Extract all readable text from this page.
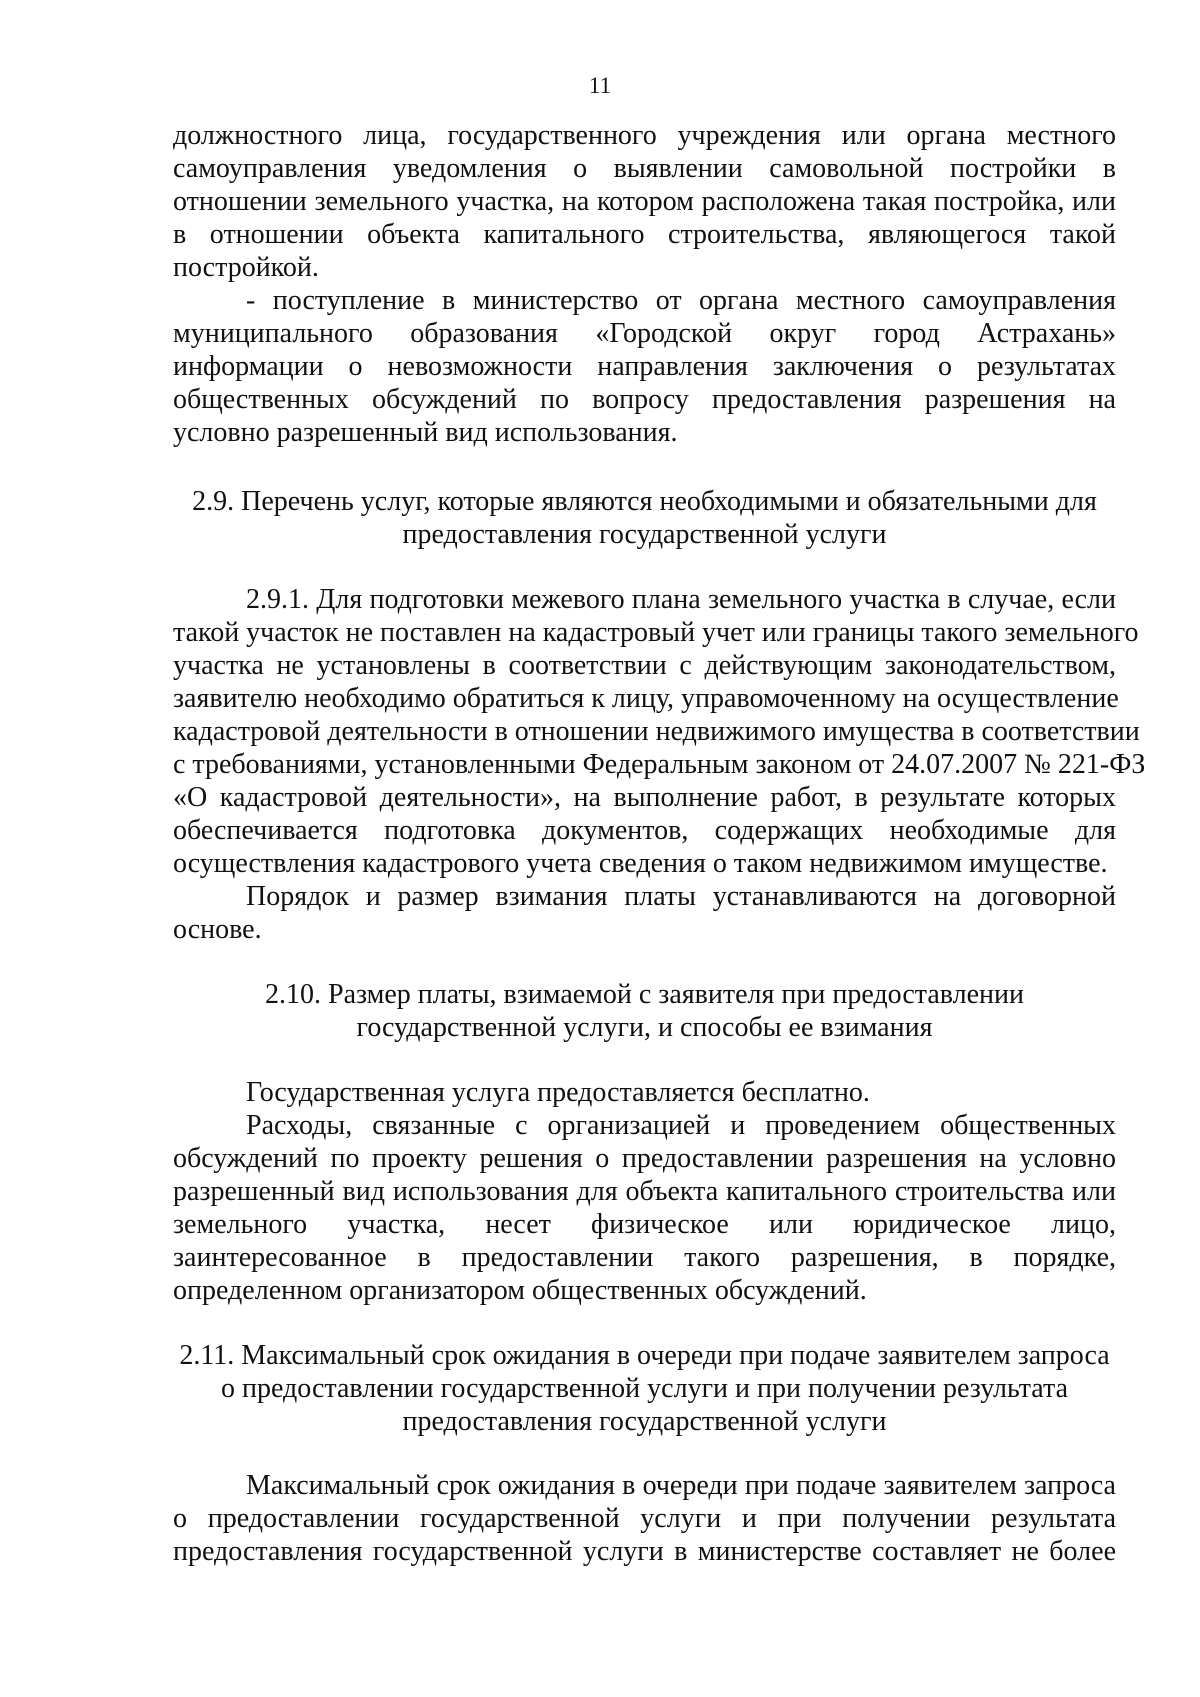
11
должностного лица, государственного учреждения или органа местного
самоуправления уведомления о выявлении самовольной постройки в
отношении земельного участка, на котором расположена такая постройка, или
в отношении объекта капитального строительства, являющегося такой
постройкой.
- поступление в министерство от органа местного самоуправления
муниципального образования «Городской округ город Астрахань»
информации о невозможности направления заключения о результатах
общественных обсуждений по вопросу предоставления разрешения на
условно разрешенный вид использования.
2.9. Перечень услуг, которые являются необходимыми и обязательными для
предоставления государственной услуги
2.9.1. Для подготовки межевого плана земельного участка в случае, если
такой участок не поставлен на кадастровый учет или границы такого земельного
участка не установлены в соответствии с действующим законодательством,
заявителю необходимо обратиться к лицу, управомоченному на осуществление
кадастровой деятельности в отношении недвижимого имущества в соответствии
с требованиями, установленными Федеральным законом от 24.07.2007 № 221-ФЗ
«О кадастровой деятельности», на выполнение работ, в результате которых
обеспечивается подготовка документов, содержащих необходимые для
осуществления кадастрового учета сведения о таком недвижимом имуществе.
Порядок и размер взимания платы устанавливаются на договорной
основе.
2.10. Размер платы, взимаемой с заявителя при предоставлении
государственной услуги, и способы ее взимания
Государственная услуга предоставляется бесплатно.
Расходы, связанные с организацией и проведением общественных
обсуждений по проекту решения о предоставлении разрешения на условно
разрешенный вид использования для объекта капитального строительства или
земельного участка, несет физическое или юридическое лицо,
заинтересованное в предоставлении такого разрешения, в порядке,
определенном организатором общественных обсуждений.
2.11. Максимальный срок ожидания в очереди при подаче заявителем запроса
о предоставлении государственной услуги и при получении результата
предоставления государственной услуги
Максимальный срок ожидания в очереди при подаче заявителем запроса
о предоставлении государственной услуги и при получении результата
предоставления государственной услуги в министерстве составляет не более
